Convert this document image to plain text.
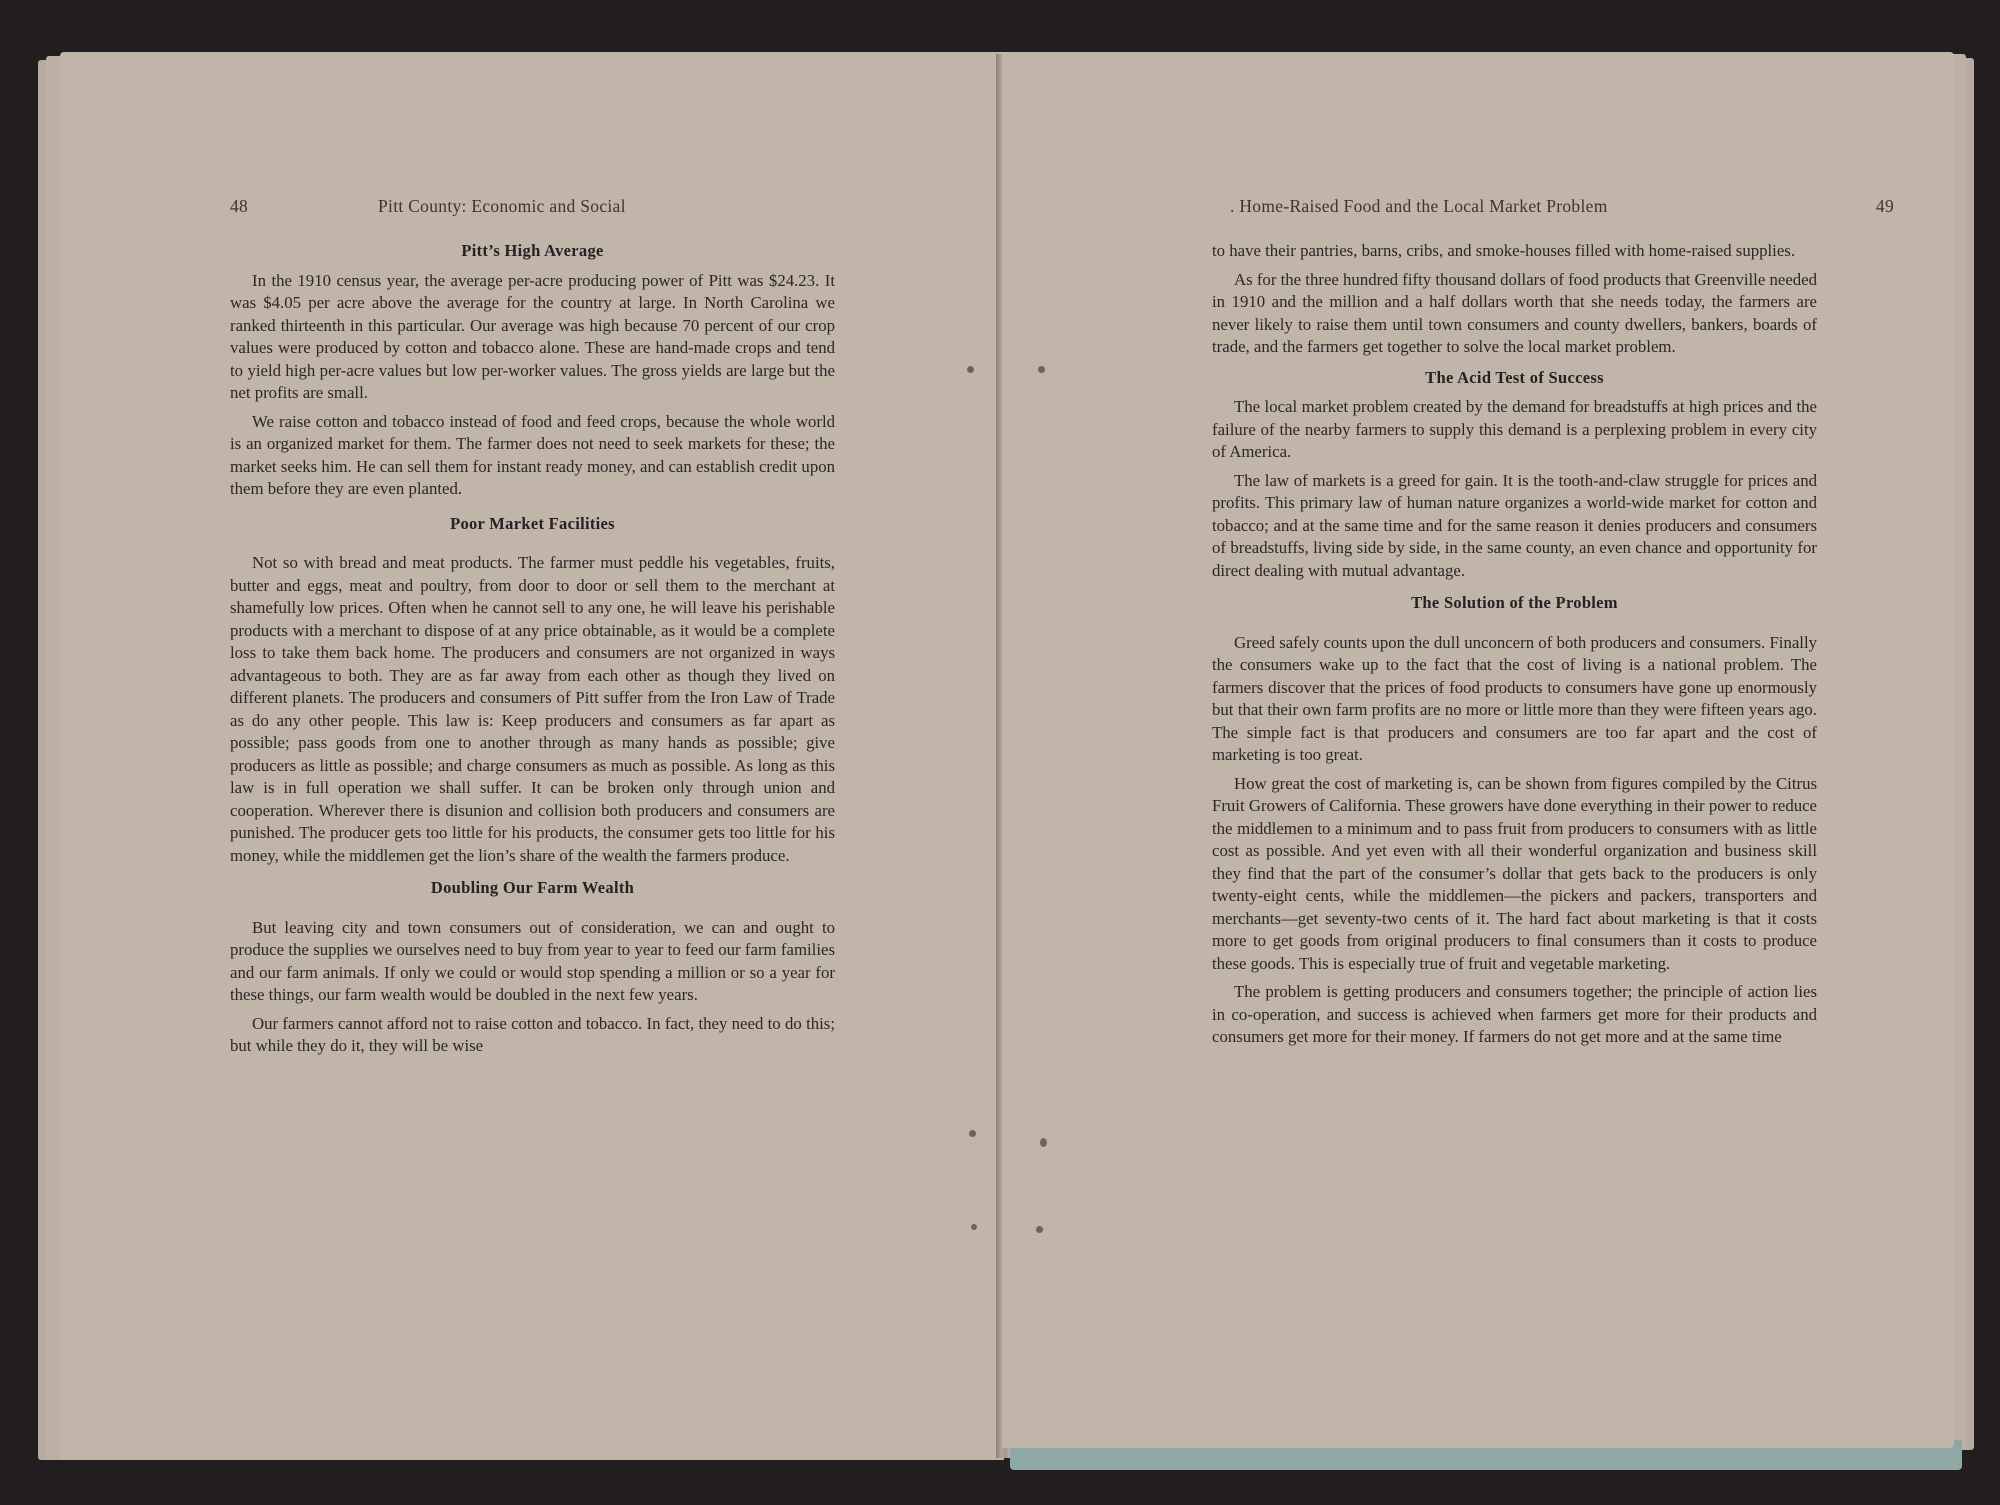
48	Pitt County: Economic and Social
Pitt’s High Average

In the 1910 census year, the average per-acre producing power of Pitt was $24.23. It was $4.05 per acre above the average for the country at large. In North Carolina we ranked thirteenth in this particular. Our average was high because 70 percent of our crop values were produced by cotton and tobacco alone. These are hand-made crops and tend to yield high per-acre values but low per-worker values. The gross yields are large but the net profits are small.

We raise cotton and tobacco instead of food and feed crops, because the whole world is an organized market for them. The farmer does not need to seek markets for these; the market seeks him. He can sell them for instant ready money, and can establish credit upon them before they are even planted.

Poor Market Facilities

Not so with bread and meat products. The farmer must peddle his vegetables, fruits, butter and eggs, meat and poultry, from door to door or sell them to the merchant at shamefully low prices. Often when he cannot sell to any one, he will leave his perishable products with a merchant to dispose of at any price obtainable, as it would be a complete loss to take them back home. The producers and consumers are not organized in ways advantageous to both. They are as far away from each other as though they lived on different planets. The producers and consumers of Pitt suffer from the Iron Law of Trade as do any other people. This law is: Keep producers and consumers as far apart as possible; pass goods from one to another through as many hands as possible; give producers as little as possible; and charge consumers as much as possible. As long as this law is in full operation we shall suffer. It can be broken only through union and cooperation. Wherever there is disunion and collision both producers and consumers are punished. The producer gets too little for his products, the consumer gets too little for his money, while the middlemen get the lion’s share of the wealth the farmers produce.

Doubling Our Farm Wealth

But leaving city and town consumers out of consideration, we can and ought to produce the supplies we ourselves need to buy from year to year to feed our farm families and our farm animals. If only we could or would stop spending a million or so a year for these things, our farm wealth would be doubled in the next few years.

Our farmers cannot afford not to raise cotton and tobacco. In fact, they need to do this; but while they do it, they will be wise

. Home-Raised Food and the Local Market Problem	49

to have their pantries, barns, cribs, and smoke-houses filled with home-raised supplies.

As for the three hundred fifty thousand dollars of food products that Greenville needed in 1910 and the million and a half dollars worth that she needs today, the farmers are never likely to raise them until town consumers and county dwellers, bankers, boards of trade, and the farmers get together to solve the local market problem.

The Acid Test of Success

The local market problem created by the demand for breadstuffs at high prices and the failure of the nearby farmers to supply this demand is a perplexing problem in every city of America.

The law of markets is a greed for gain. It is the tooth-and-claw struggle for prices and profits. This primary law of human nature organizes a world-wide market for cotton and tobacco; and at the same time and for the same reason it denies producers and consumers of breadstuffs, living side by side, in the same county, an even chance and opportunity for direct dealing with mutual advantage.

The Solution of the Problem

Greed safely counts upon the dull unconcern of both producers and consumers. Finally the consumers wake up to the fact that the cost of living is a national problem. The farmers discover that the prices of food products to consumers have gone up enormously but that their own farm profits are no more or little more than they were fifteen years ago. The simple fact is that producers and consumers are too far apart and the cost of marketing is too great.

How great the cost of marketing is, can be shown from figures compiled by the Citrus Fruit Growers of California. These growers have done everything in their power to reduce the middlemen to a minimum and to pass fruit from producers to consumers with as little cost as possible. And yet even with all their wonderful organization and business skill they find that the part of the consumer’s dollar that gets back to the producers is only twenty-eight cents, while the middlemen—the pickers and packers, transporters and merchants—get seventy-two cents of it. The hard fact about marketing is that it costs more to get goods from original producers to final consumers than it costs to produce these goods. This is especially true of fruit and vegetable marketing.

The problem is getting producers and consumers together; the principle of action lies in co-operation, and success is achieved when farmers get more for their products and consumers get more for their money. If farmers do not get more and at the same time
